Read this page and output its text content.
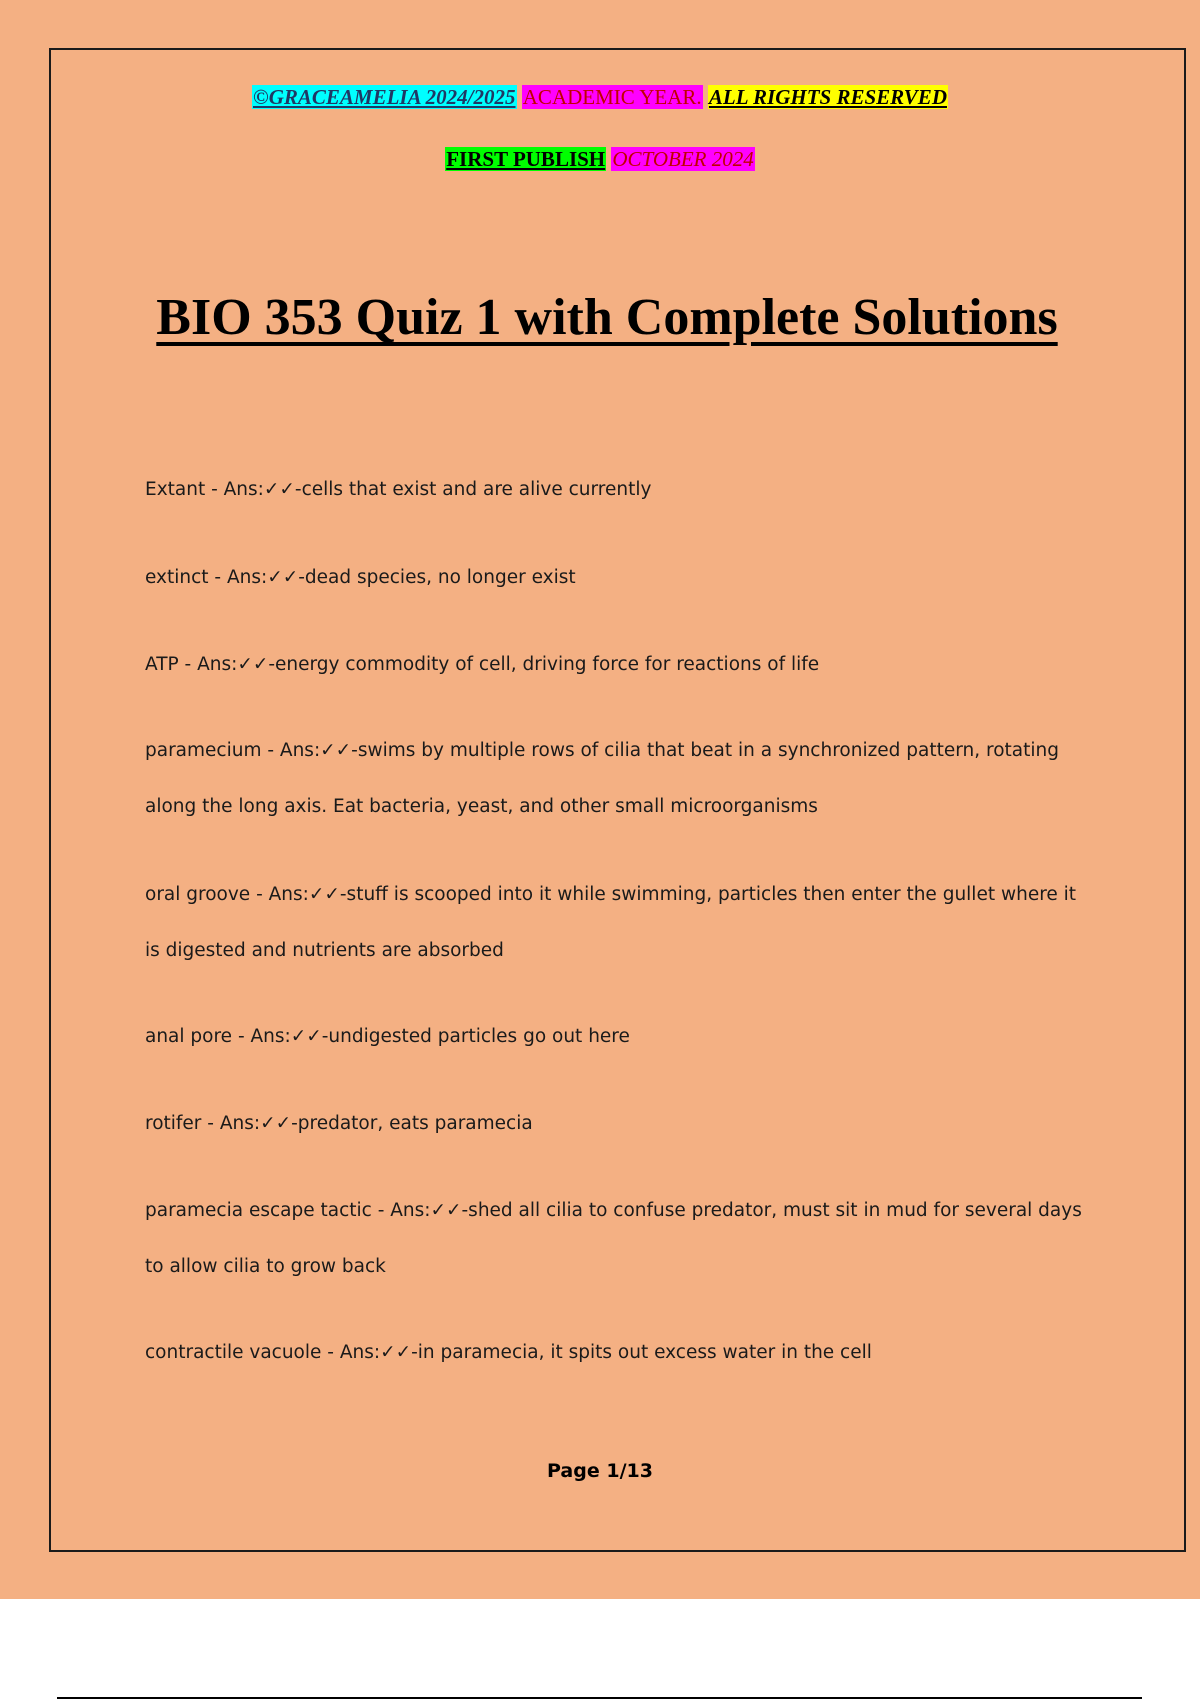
©GRACEAMELIA 2024/2025 ACADEMIC YEAR. ALL RIGHTS RESERVED
FIRST PUBLISH OCTOBER 2024
BIO 353 Quiz 1 with Complete Solutions
Extant - Ans:✓✓-cells that exist and are alive currently
extinct - Ans:✓✓-dead species, no longer exist
ATP - Ans:✓✓-energy commodity of cell, driving force for reactions of life
paramecium - Ans:✓✓-swims by multiple rows of cilia that beat in a synchronized pattern, rotating along the long axis. Eat bacteria, yeast, and other small microorganisms
oral groove - Ans:✓✓-stuff is scooped into it while swimming, particles then enter the gullet where it is digested and nutrients are absorbed
anal pore - Ans:✓✓-undigested particles go out here
rotifer - Ans:✓✓-predator, eats paramecia
paramecia escape tactic - Ans:✓✓-shed all cilia to confuse predator, must sit in mud for several days to allow cilia to grow back
contractile vacuole - Ans:✓✓-in paramecia, it spits out excess water in the cell
Page 1/13
